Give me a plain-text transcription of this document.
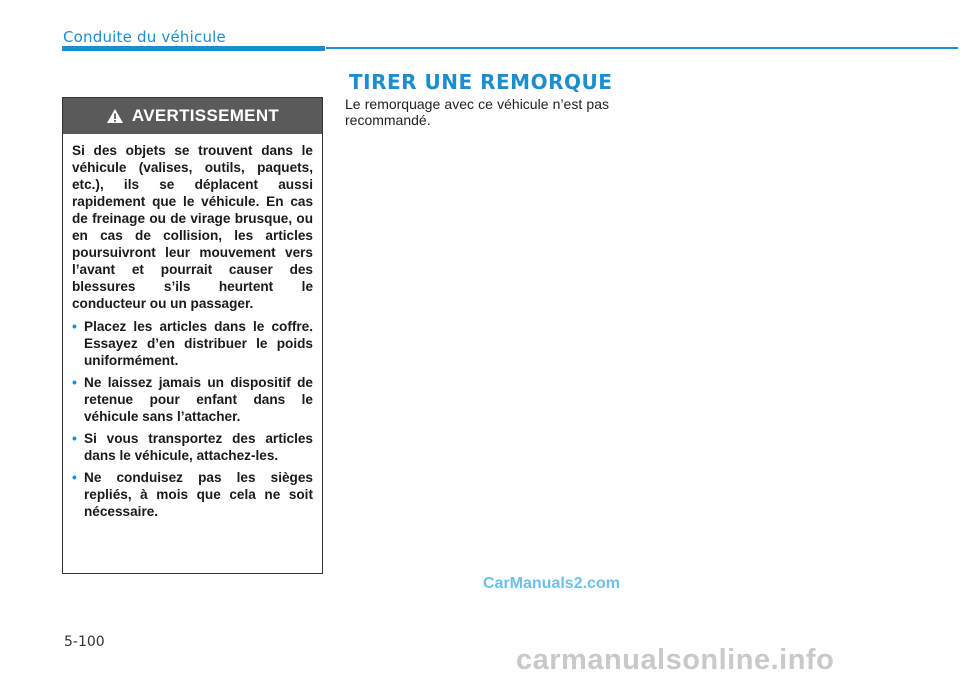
Conduite du véhicule
AVERTISSEMENT

Si des objets se trouvent dans le véhicule (valises, outils, paquets, etc.), ils se déplacent aussi rapidement que le véhicule. En cas de freinage ou de virage brusque, ou en cas de collision, les articles poursuivront leur mouvement vers l’avant et pourrait causer des blessures s’ils heurtent le conducteur ou un passager.

• Placez les articles dans le coffre. Essayez d’en distribuer le poids uniformément.
• Ne laissez jamais un dispositif de retenue pour enfant dans le véhicule sans l’attacher.
• Si vous transportez des articles dans le véhicule, attachez-les.
• Ne conduisez pas les sièges repliés, à mois que cela ne soit nécessaire.
TIRER UNE REMORQUE
Le remorquage avec ce véhicule n’est pas recommandé.
CarManuals2.com
5-100
carmanualsonline.info
